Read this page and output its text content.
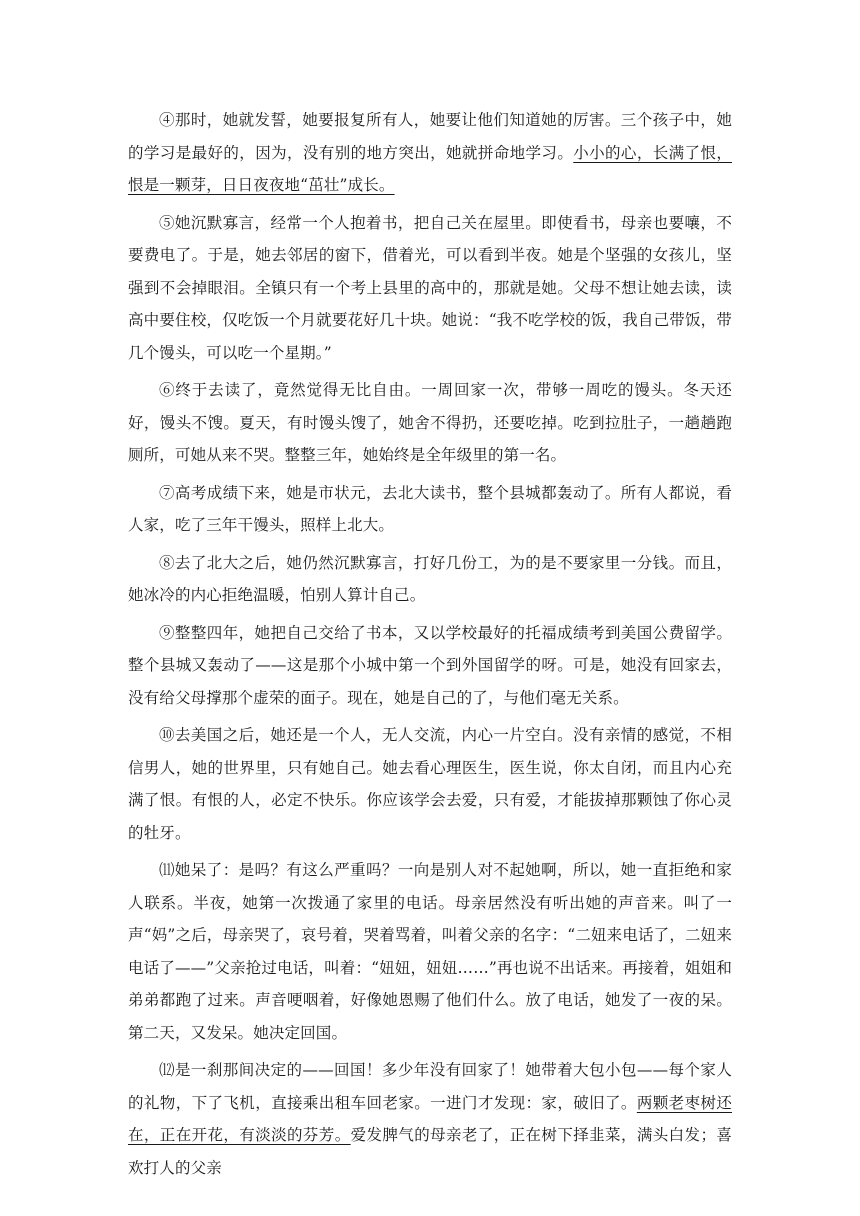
④那时，她就发誓，她要报复所有人，她要让他们知道她的厉害。三个孩子中，她的学习是最好的，因为，没有别的地方突出，她就拼命地学习。小小的心，长满了恨，恨是一颗芽，日日夜夜地“茁壮”成长。

⑤她沉默寡言，经常一个人抱着书，把自己关在屋里。即使看书，母亲也要嚷，不要费电了。于是，她去邻居的窗下，借着光，可以看到半夜。她是个坚强的女孩儿，坚强到不会掉眼泪。全镇只有一个考上县里的高中的，那就是她。父母不想让她去读，读高中要住校，仅吃饭一个月就要花好几十块。她说：“我不吃学校的饭，我自己带饭，带几个馒头，可以吃一个星期。”

⑥终于去读了，竟然觉得无比自由。一周回家一次，带够一周吃的馒头。冬天还好，馒头不馊。夏天，有时馒头馊了，她舍不得扔，还要吃掉。吃到拉肚子，一趟趟跑厕所，可她从来不哭。整整三年，她始终是全年级里的第一名。

⑦高考成绩下来，她是市状元，去北大读书，整个县城都轰动了。所有人都说，看人家，吃了三年干馒头，照样上北大。

⑧去了北大之后，她仍然沉默寡言，打好几份工，为的是不要家里一分钱。而且，她冰冷的内心拒绝温暖，怕别人算计自己。

⑨整整四年，她把自己交给了书本，又以学校最好的托福成绩考到美国公费留学。整个县城又轰动了——这是那个小城中第一个到外国留学的呀。可是，她没有回家去，没有给父母撑那个虚荣的面子。现在，她是自己的了，与他们毫无关系。

⑩去美国之后，她还是一个人，无人交流，内心一片空白。没有亲情的感觉，不相信男人，她的世界里，只有她自己。她去看心理医生，医生说，你太自闭，而且内心充满了恨。有恨的人，必定不快乐。你应该学会去爱，只有爱，才能拔掉那颗蚀了你心灵的牡牙。

⑾她呆了：是吗？有这么严重吗？一向是别人对不起她啊，所以，她一直拒绝和家人联系。半夜，她第一次拨通了家里的电话。母亲居然没有听出她的声音来。叫了一声“妈”之后，母亲哭了，哀号着，哭着骂着，叫着父亲的名字：“二妞来电话了，二妞来电话了——”父亲抢过电话，叫着：“妞妞，妞妞……”再也说不出话来。再接着，姐姐和弟弟都跑了过来。声音哽咽着，好像她恩赐了他们什么。放了电话，她发了一夜的呆。第二天，又发呆。她决定回国。

⑿是一刹那间决定的——回国！多少年没有回家了！她带着大包小包——每个家人的礼物，下了飞机，直接乘出租车回老家。一进门才发现：家，破旧了。两颗老枣树还在，正在开花，有淡淡的芬芳。爱发脾气的母亲老了，正在树下择韭菜，满头白发；喜欢打人的父亲
